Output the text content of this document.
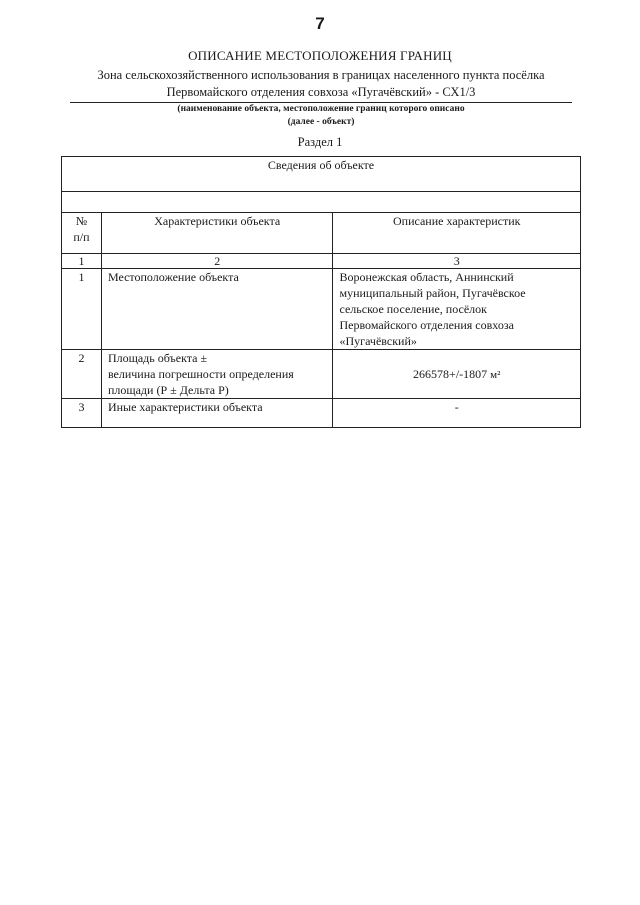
7
ОПИСАНИЕ МЕСТОПОЛОЖЕНИЯ ГРАНИЦ
Зона сельскохозяйственного использования в границах населенного пункта посёлка
Первомайского отделения совхоза «Пугачёвский» - СХ1/3
(наименование объекта, местоположение границ которого описано
(далее - объект)
Раздел 1
Сведения об объекте		

№
п/п	Характеристики объекта	Описание характеристик
1	2	3
1	Местоположение объекта	Воронежская область, Аннинский
муниципальный район, Пугачёвское
сельское поселение, посёлок
Первомайского отделения совхоза
«Пугачёвский»

2	Площадь объекта ±
величина погрешности определения
площади (Р ± Дельта Р)	266578+/-1807 м²
3	Иные характеристики объекта	-
